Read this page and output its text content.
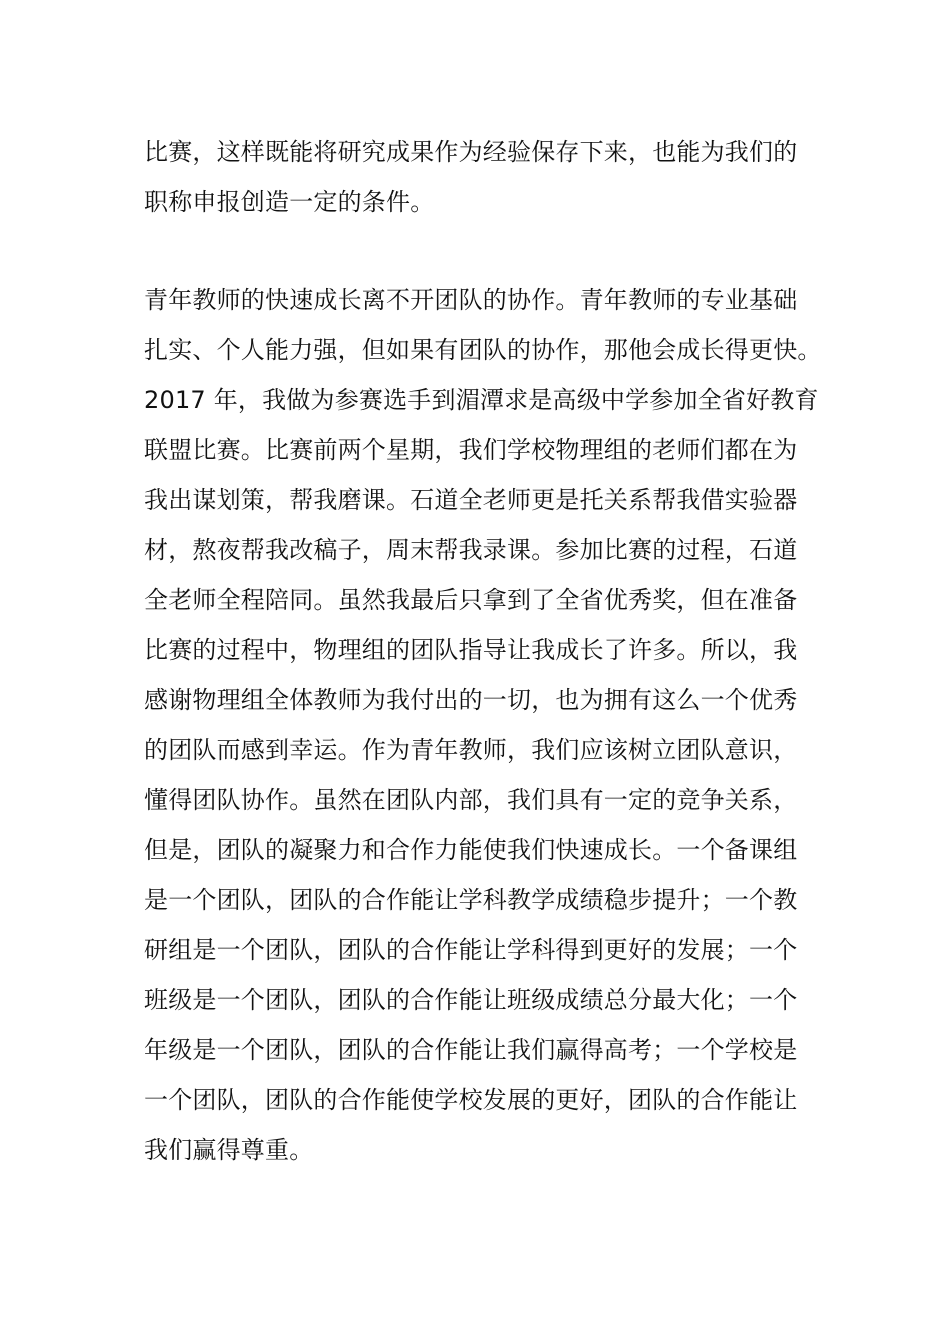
比赛，这样既能将研究成果作为经验保存下来，也能为我们的
职称申报创造一定的条件。
青年教师的快速成长离不开团队的协作。青年教师的专业基础
扎实、个人能力强，但如果有团队的协作，那他会成长得更快。
2017 年，我做为参赛选手到湄潭求是高级中学参加全省好教育
联盟比赛。比赛前两个星期，我们学校物理组的老师们都在为
我出谋划策，帮我磨课。石道全老师更是托关系帮我借实验器
材，熬夜帮我改稿子，周末帮我录课。参加比赛的过程，石道
全老师全程陪同。虽然我最后只拿到了全省优秀奖，但在准备
比赛的过程中，物理组的团队指导让我成长了许多。所以，我
感谢物理组全体教师为我付出的一切，也为拥有这么一个优秀
的团队而感到幸运。作为青年教师，我们应该树立团队意识，
懂得团队协作。虽然在团队内部，我们具有一定的竞争关系，
但是，团队的凝聚力和合作力能使我们快速成长。一个备课组
是一个团队，团队的合作能让学科教学成绩稳步提升；一个教
研组是一个团队，团队的合作能让学科得到更好的发展；一个
班级是一个团队，团队的合作能让班级成绩总分最大化；一个
年级是一个团队，团队的合作能让我们赢得高考；一个学校是
一个团队，团队的合作能使学校发展的更好，团队的合作能让
我们赢得尊重。
